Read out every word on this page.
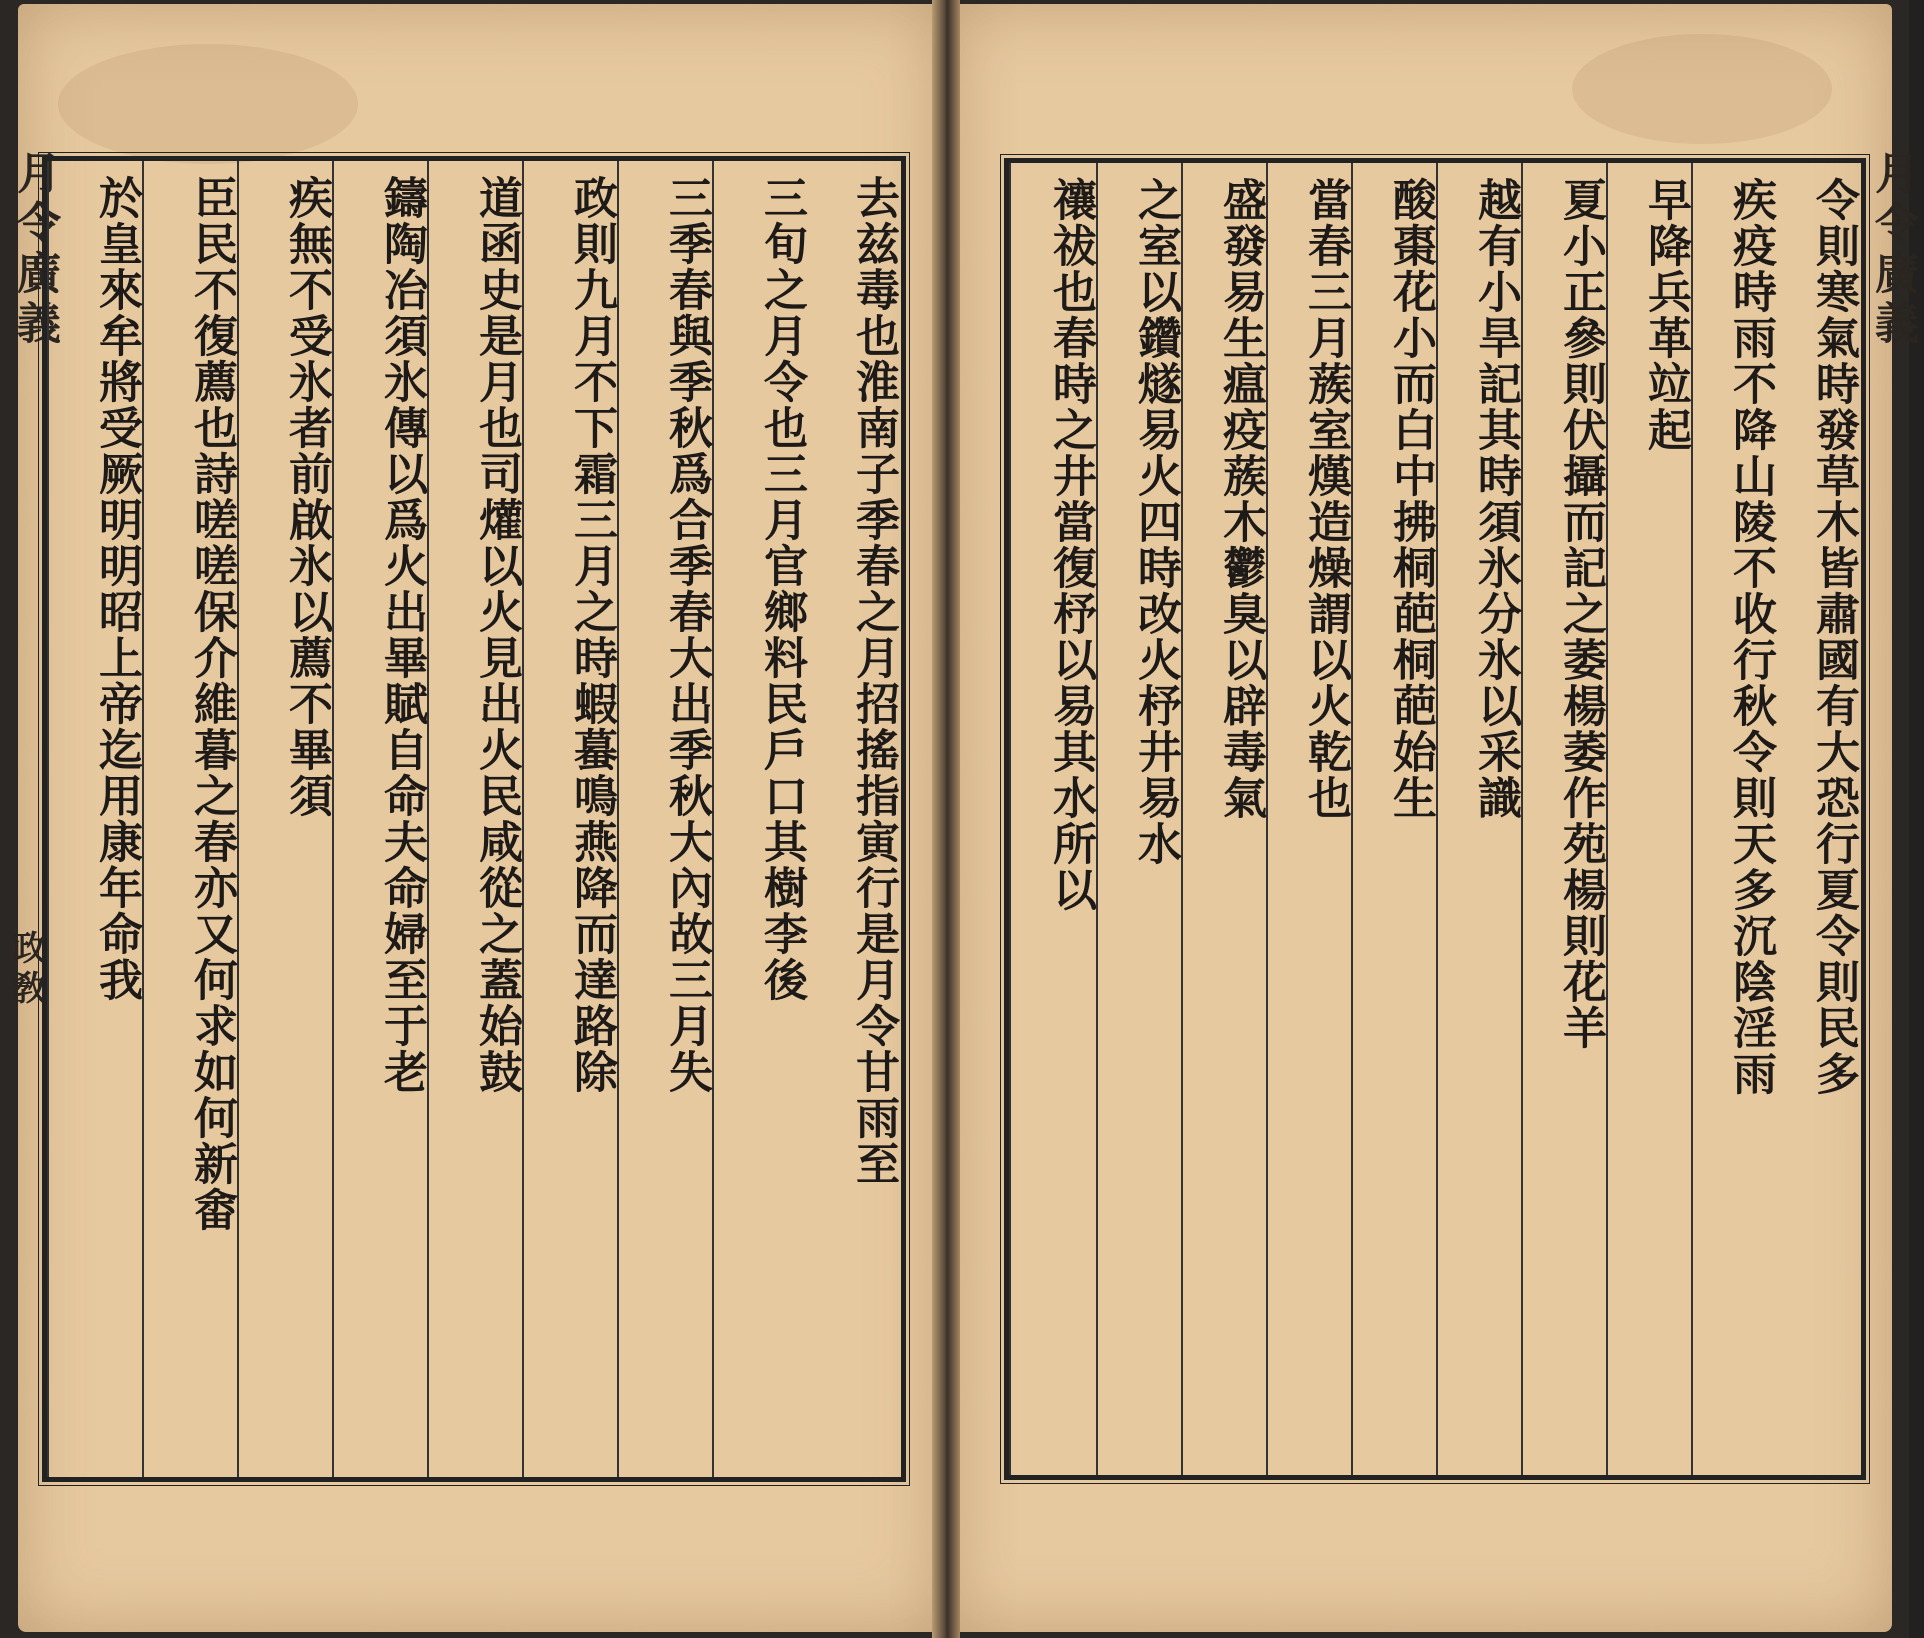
月令廣義
政敎	去兹毒也淮南子季春之月招搖指寅行是月令甘雨至
三旬之月令也三月官鄉料民戶口其樹李後
三季春與季秋爲合季春大出季秋大內故三月失
政則九月不下霜三月之時蝦蟇鳴燕降而達路除
道函史是月也司爟以火見出火民咸從之蓋始鼓
鑄陶冶須氷傳以爲火出畢賦自命夫命婦至于老
疾無不受氷者前啟氷以薦不畢須
臣民不復薦也詩嗟嗟保介維暮之春亦又何求如何新畬
於皇來牟將受厥明明昭上帝迄用康年命我	月令廣義
令則寒氣時發草木皆肅國有大恐行夏令則民多
疾疫時雨不降山陵不收行秋令則天多沉陰淫雨
早降兵革竝起
夏小正參則伏攝而記之萎楊萎作苑楊則花羊
越有小旱記其時須氷分氷以采識
酸棗花小而白中拂桐葩桐葩始生
當春三月蔟室熯造燥謂以火乾也
盛發易生瘟疫蔟木鬱臭以辟毒氣
之室以鑽燧易火四時改火杼井易水
禳祓也春時之井當復杼以易其水所以
